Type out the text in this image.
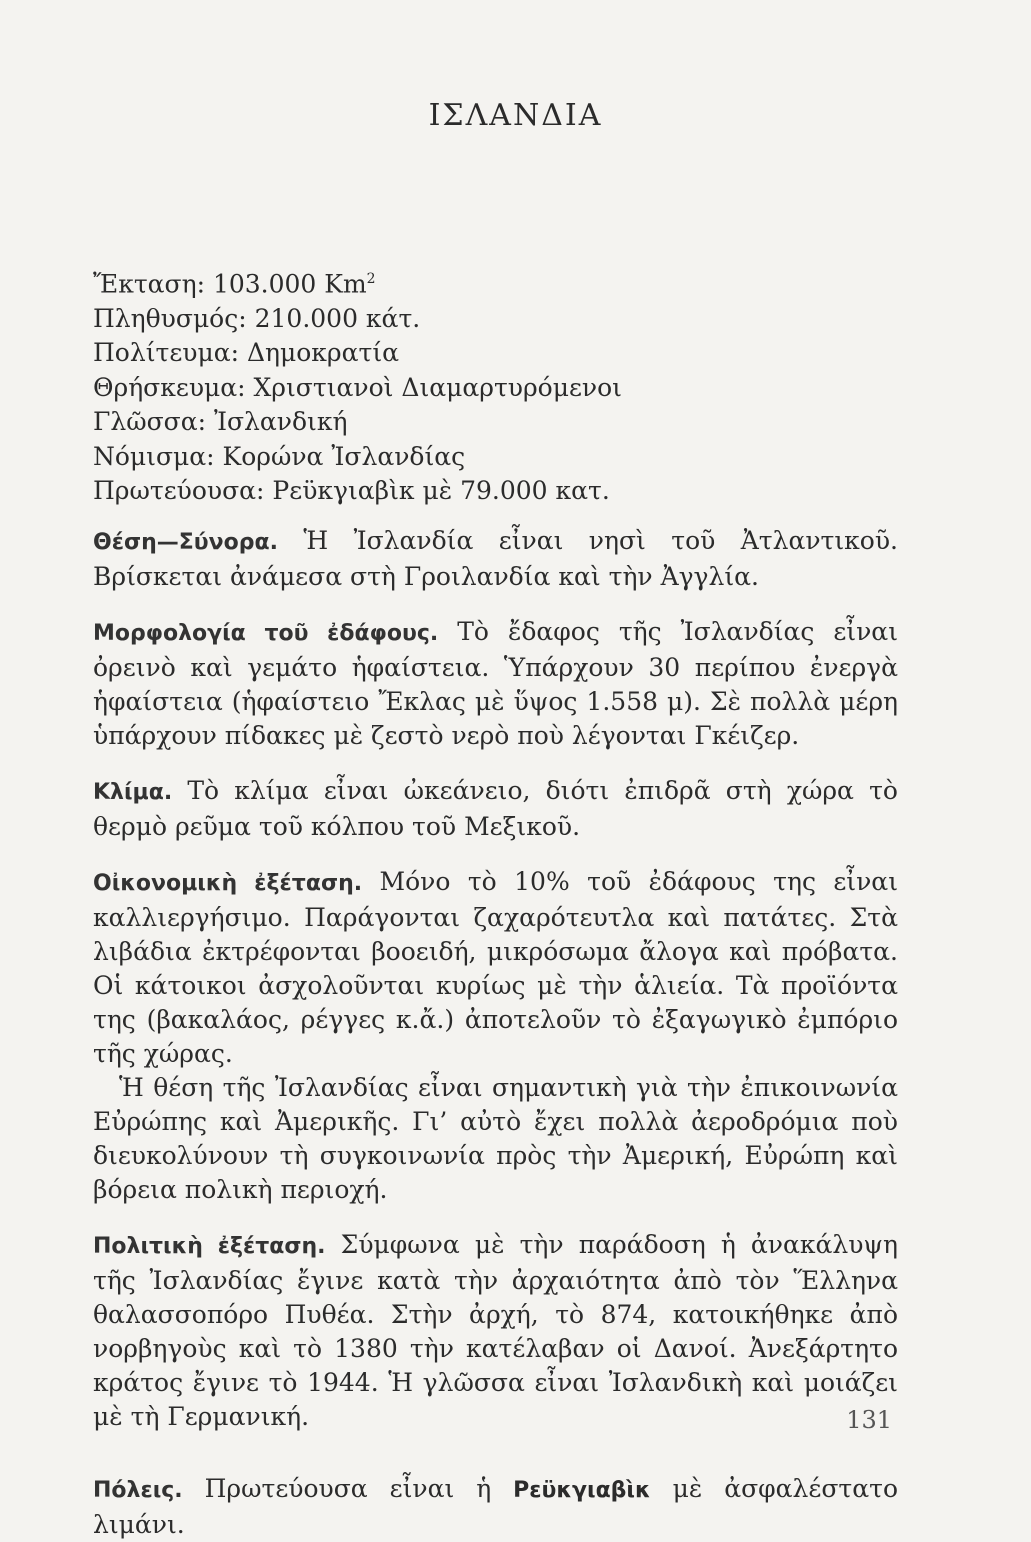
ΙΣΛΑΝΔΙΑ
Ἔκταση: 103.000 Km$^2$
Πληθυσμός: 210.000 κάτ.
Πολίτευμα: Δημοκρατία
Θρήσκευμα: Χριστιανοὶ Διαμαρτυρόμενοι
Γλῶσσα: Ἰσλανδική
Νόμισμα: Κορώνα Ἰσλανδίας
Πρωτεύουσα: Ρεϋκγιαβὶκ μὲ 79.000 κατ.

Θέση—Σύνορα. Ἡ Ἰσλανδία εἶναι νησὶ τοῦ Ἀτλαντικοῦ. Βρίσκεται ἀνάμεσα στὴ Γροιλανδία καὶ τὴν Ἀγγλία.

Μορφολογία τοῦ ἐδάφους. Τὸ ἔδαφος τῆς Ἰσλανδίας εἶναι ὀρεινὸ καὶ γεμάτο ἡφαίστεια. Ὑπάρχουν 30 περίπου ἐνεργὰ ἡφαίστεια (ἡφαίστειο Ἔκλας μὲ ὕψος 1.558 μ). Σὲ πολλὰ μέρη ὑπάρχουν πίδακες μὲ ζεστὸ νερὸ ποὺ λέγονται Γκέιζερ.

Κλίμα. Τὸ κλίμα εἶναι ὠκεάνειο, διότι ἐπιδρᾶ στὴ χώρα τὸ θερμὸ ρεῦμα τοῦ κόλπου τοῦ Μεξικοῦ.

Οἰκονομικὴ ἐξέταση. Μόνο τὸ 10% τοῦ ἐδάφους της εἶναι καλλιεργήσιμο. Παράγονται ζαχαρότευτλα καὶ πατάτες. Στὰ λιβάδια ἐκτρέφονται βοοειδή, μικρόσωμα ἄλογα καὶ πρόβατα. Οἱ κάτοικοι ἀσχολοῦνται κυρίως μὲ τὴν ἁλιεία. Τὰ προϊόντα της (βακαλάος, ρέγγες κ.ἄ.) ἀποτελοῦν τὸ ἐξαγωγικὸ ἐμπόριο τῆς χώρας.

Ἡ θέση τῆς Ἰσλανδίας εἶναι σημαντικὴ γιὰ τὴν ἐπικοινωνία Εὐρώπης καὶ Ἀμερικῆς. Γι’ αὐτὸ ἔχει πολλὰ ἀεροδρόμια ποὺ διευκολύνουν τὴ συγκοινωνία πρὸς τὴν Ἀμερική, Εὐρώπη καὶ βόρεια πολικὴ περιοχή.

Πολιτικὴ ἐξέταση. Σύμφωνα μὲ τὴν παράδοση ἡ ἀνακάλυψη τῆς Ἰσλανδίας ἔγινε κατὰ τὴν ἀρχαιότητα ἀπὸ τὸν Ἕλληνα θαλασσοπόρο Πυθέα. Στὴν ἀρχή, τὸ 874, κατοικήθηκε ἀπὸ νορβηγοὺς καὶ τὸ 1380 τὴν κατέλαβαν οἱ Δανοί. Ἀνεξάρτητο κράτος ἔγινε τὸ 1944. Ἡ γλῶσσα εἶναι Ἰσλανδικὴ καὶ μοιάζει μὲ τὴ Γερμανική.

Πόλεις. Πρωτεύουσα εἶναι ἡ Ρεϋκγιαβὶκ μὲ ἀσφαλέστατο λιμάνι.

131
